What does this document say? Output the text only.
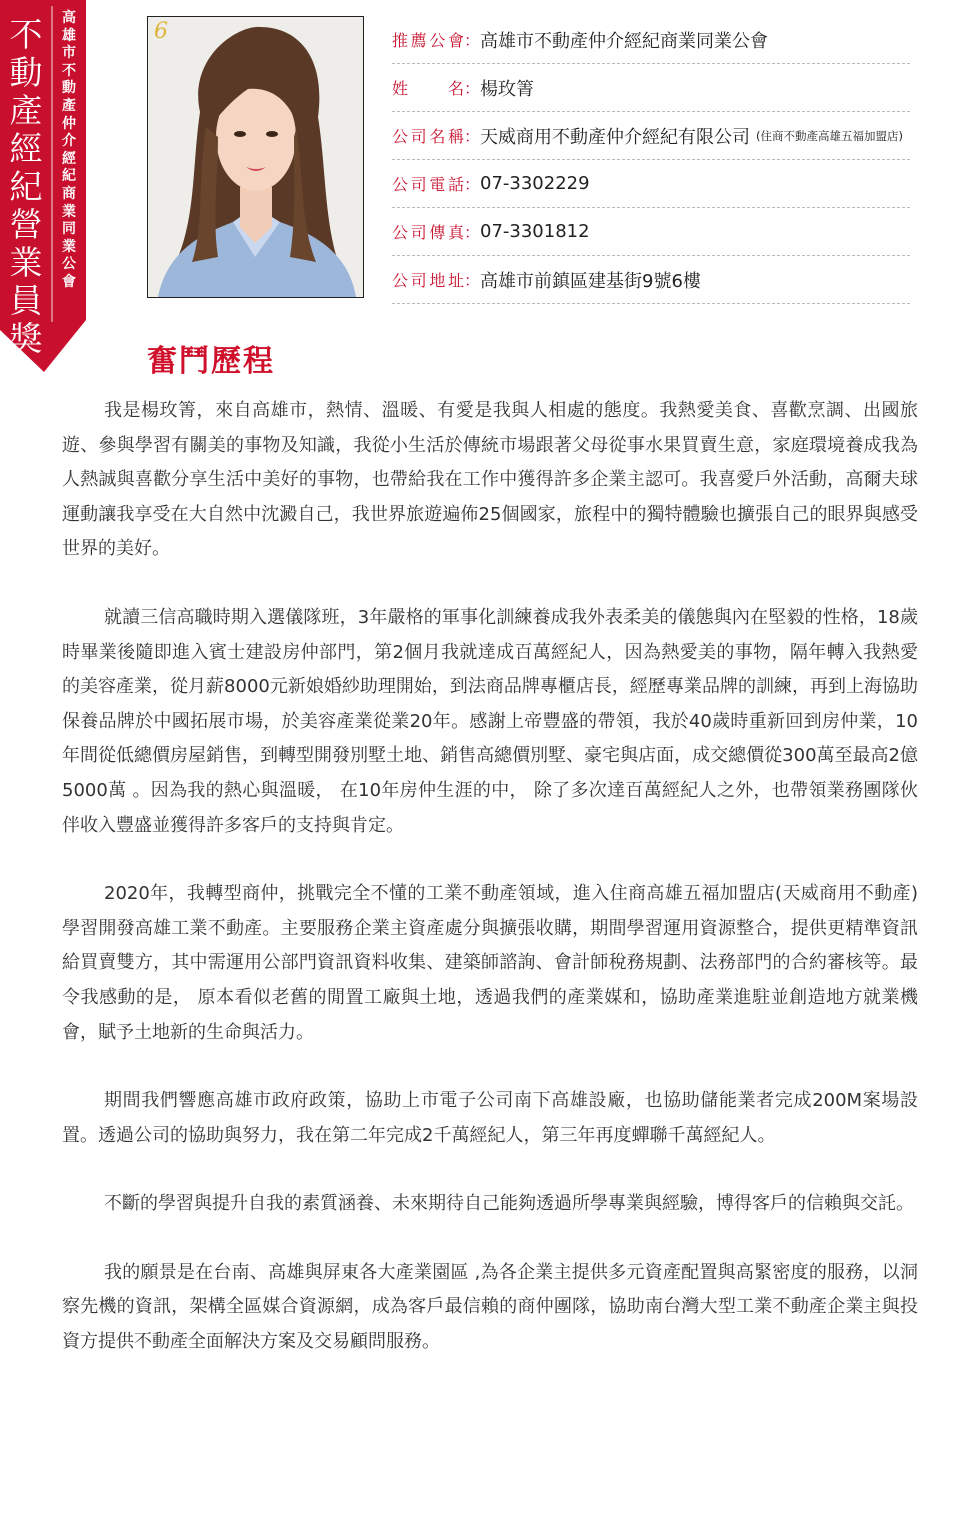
不動產經紀營業員獎
高雄市不動產仲介經紀商業同業公會
6	推薦公會 ： 高雄市不動產仲介經紀商業同業公會
姓名 ： 楊玫箐
公司名稱 ： 天威商用不動產仲介經紀有限公司 (住商不動產高雄五福加盟店)
公司電話 ： 07-3302229
公司傳真 ： 07-3301812
公司地址 ： 高雄市前鎮區建基街9號6樓
奮鬥歷程

我是楊玫箐，來自高雄市，熱情、溫暖、有愛是我與人相處的態度。我熱愛美食、喜歡烹調、出國旅遊、參與學習有關美的事物及知識，我從小生活於傳統市場跟著父母從事水果買賣生意，家庭環境養成我為人熱誠與喜歡分享生活中美好的事物，也帶給我在工作中獲得許多企業主認可。我喜愛戶外活動，高爾夫球運動讓我享受在大自然中沈澱自己，我世界旅遊遍佈25個國家，旅程中的獨特體驗也擴張自己的眼界與感受世界的美好。

就讀三信高職時期入選儀隊班，3年嚴格的軍事化訓練養成我外表柔美的儀態與內在堅毅的性格，18歲時畢業後隨即進入賓士建設房仲部門，第2個月我就達成百萬經紀人，因為熱愛美的事物，隔年轉入我熱愛的美容產業，從月薪8000元新娘婚紗助理開始，到法商品牌專櫃店長，經歷專業品牌的訓練，再到上海協助保養品牌於中國拓展市場，於美容產業從業20年。感謝上帝豐盛的帶領，我於40歲時重新回到房仲業，10年間從低總價房屋銷售，到轉型開發別墅土地、銷售高總價別墅、豪宅與店面，成交總價從300萬至最高2億5000萬 。因為我的熱心與溫暖， 在10年房仲生涯的中， 除了多次達百萬經紀人之外，也帶領業務團隊伙伴收入豐盛並獲得許多客戶的支持與肯定。

2020年，我轉型商仲，挑戰完全不懂的工業不動產領域，進入住商高雄五福加盟店(天威商用不動產) 學習開發高雄工業不動產。主要服務企業主資產處分與擴張收購，期間學習運用資源整合，提供更精準資訊給買賣雙方，其中需運用公部門資訊資料收集、建築師諮詢、會計師稅務規劃、法務部門的合約審核等。最令我感動的是， 原本看似老舊的閒置工廠與土地，透過我們的產業媒和，協助產業進駐並創造地方就業機會，賦予土地新的生命與活力。

期間我們響應高雄市政府政策，協助上市電子公司南下高雄設廠，也協助儲能業者完成200M案場設置。透過公司的協助與努力，我在第二年完成2千萬經紀人，第三年再度蟬聯千萬經紀人。

不斷的學習與提升自我的素質涵養、未來期待自己能夠透過所學專業與經驗，博得客戶的信賴與交託。

我的願景是在台南、高雄與屏東各大產業園區 ,為各企業主提供多元資產配置與高緊密度的服務，以洞察先機的資訊，架構全區媒合資源網，成為客戶最信賴的商仲團隊，協助南台灣大型工業不動產企業主與投資方提供不動產全面解決方案及交易顧問服務。
